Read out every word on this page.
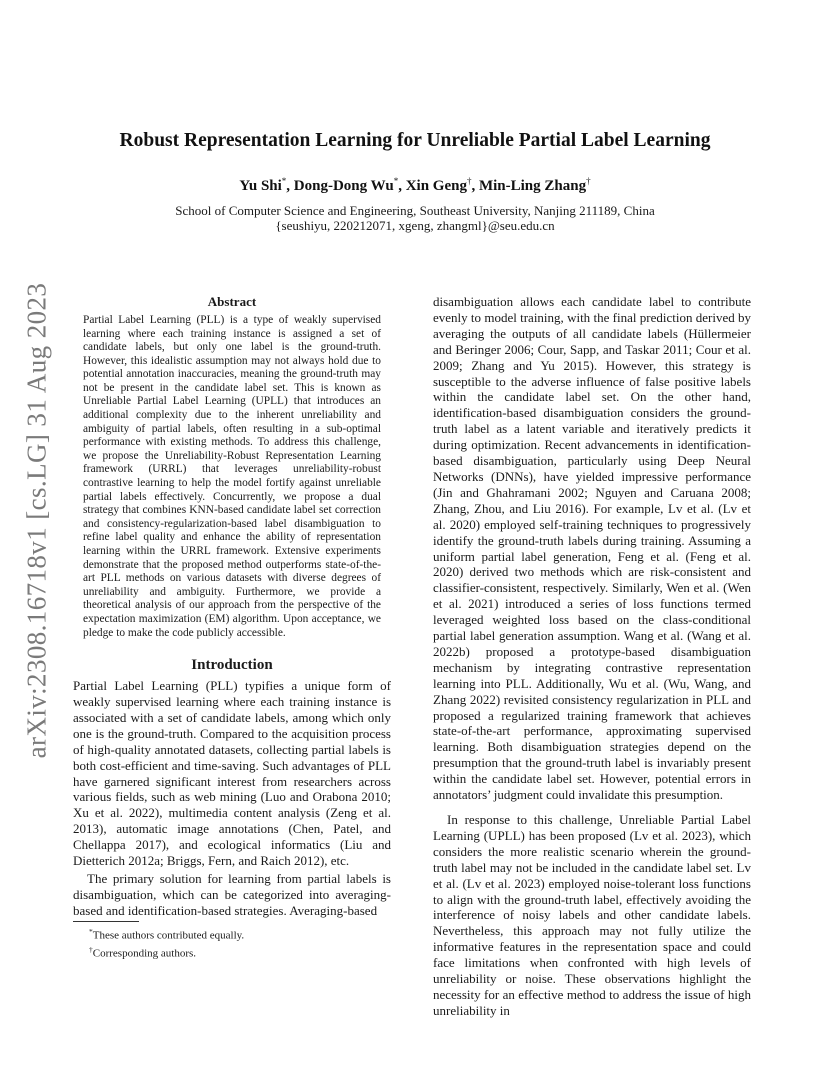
arXiv:2308.16718v1 [cs.LG] 31 Aug 2023
Robust Representation Learning for Unreliable Partial Label Learning
Yu Shi*, Dong-Dong Wu*, Xin Geng†, Min-Ling Zhang†
School of Computer Science and Engineering, Southeast University, Nanjing 211189, China
{seushiyu, 220212071, xgeng, zhangml}@seu.edu.cn
Abstract

Partial Label Learning (PLL) is a type of weakly supervised learning where each training instance is assigned a set of candidate labels, but only one label is the ground-truth. However, this idealistic assumption may not always hold due to potential annotation inaccuracies, meaning the ground-truth may not be present in the candidate label set. This is known as Unreliable Partial Label Learning (UPLL) that introduces an additional complexity due to the inherent unreliability and ambiguity of partial labels, often resulting in a sub-optimal performance with existing methods. To address this challenge, we propose the Unreliability-Robust Representation Learning framework (URRL) that leverages unreliability-robust contrastive learning to help the model fortify against unreliable partial labels effectively. Concurrently, we propose a dual strategy that combines KNN-based candidate label set correction and consistency-regularization-based label disambiguation to refine label quality and enhance the ability of representation learning within the URRL framework. Extensive experiments demonstrate that the proposed method outperforms state-of-the-art PLL methods on various datasets with diverse degrees of unreliability and ambiguity. Furthermore, we provide a theoretical analysis of our approach from the perspective of the expectation maximization (EM) algorithm. Upon acceptance, we pledge to make the code publicly accessible.

Introduction

Partial Label Learning (PLL) typifies a unique form of weakly supervised learning where each training instance is associated with a set of candidate labels, among which only one is the ground-truth. Compared to the acquisition process of high-quality annotated datasets, collecting partial labels is both cost-efficient and time-saving. Such advantages of PLL have garnered significant interest from researchers across various fields, such as web mining (Luo and Orabona 2010; Xu et al. 2022), multimedia content analysis (Zeng et al. 2013), automatic image annotations (Chen, Patel, and Chellappa 2017), and ecological informatics (Liu and Dietterich 2012a; Briggs, Fern, and Raich 2012), etc.

The primary solution for learning from partial labels is disambiguation, which can be categorized into averaging-based and identification-based strategies. Averaging-based

disambiguation allows each candidate label to contribute evenly to model training, with the final prediction derived by averaging the outputs of all candidate labels (Hüllermeier and Beringer 2006; Cour, Sapp, and Taskar 2011; Cour et al. 2009; Zhang and Yu 2015). However, this strategy is susceptible to the adverse influence of false positive labels within the candidate label set. On the other hand, identification-based disambiguation considers the ground-truth label as a latent variable and iteratively predicts it during optimization. Recent advancements in identification-based disambiguation, particularly using Deep Neural Networks (DNNs), have yielded impressive performance (Jin and Ghahramani 2002; Nguyen and Caruana 2008; Zhang, Zhou, and Liu 2016). For example, Lv et al. (Lv et al. 2020) employed self-training techniques to progressively identify the ground-truth labels during training. Assuming a uniform partial label generation, Feng et al. (Feng et al. 2020) derived two methods which are risk-consistent and classifier-consistent, respectively. Similarly, Wen et al. (Wen et al. 2021) introduced a series of loss functions termed leveraged weighted loss based on the class-conditional partial label generation assumption. Wang et al. (Wang et al. 2022b) proposed a prototype-based disambiguation mechanism by integrating contrastive representation learning into PLL. Additionally, Wu et al. (Wu, Wang, and Zhang 2022) revisited consistency regularization in PLL and proposed a regularized training framework that achieves state-of-the-art performance, approximating supervised learning. Both disambiguation strategies depend on the presumption that the ground-truth label is invariably present within the candidate label set. However, potential errors in annotators’ judgment could invalidate this presumption.

In response to this challenge, Unreliable Partial Label Learning (UPLL) has been proposed (Lv et al. 2023), which considers the more realistic scenario wherein the ground-truth label may not be included in the candidate label set. Lv et al. (Lv et al. 2023) employed noise-tolerant loss functions to align with the ground-truth label, effectively avoiding the interference of noisy labels and other candidate labels. Nevertheless, this approach may not fully utilize the informative features in the representation space and could face limitations when confronted with high levels of unreliability or noise. These observations highlight the necessity for an effective method to address the issue of high unreliability in

*These authors contributed equally.
†Corresponding authors.
